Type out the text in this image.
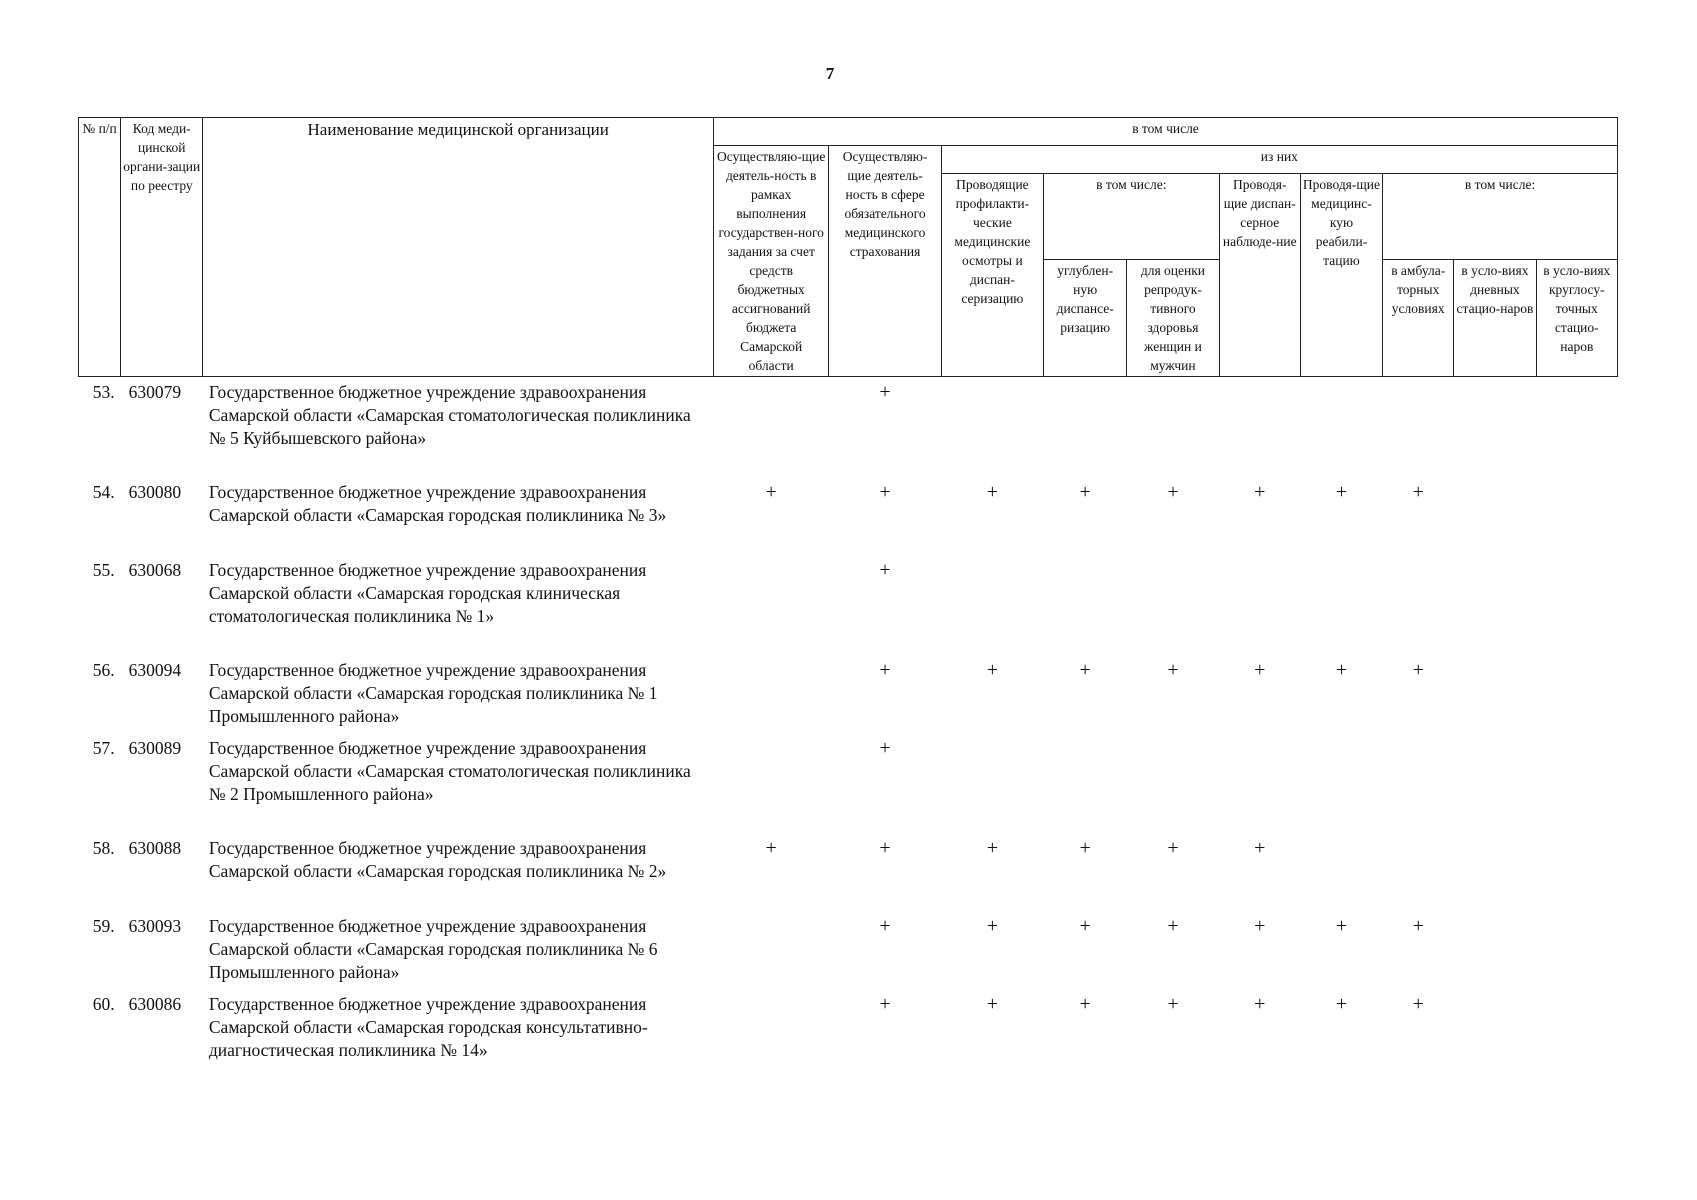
7
№ п/п	Код меди-цинской органи-зации по реестру	Наименование медицинской организации	в том числе									
			Осуществляю-щие деятель-ность в рамках выполнения государствен-ного задания за счет средств бюджетных ассигнований бюджета Самарской области	Осуществляю-щие деятель-ность в сфере обязательного медицинского страхования	из них							
					Проводящие профилакти-ческие медицинские осмотры и диспан-серизацию	в том числе:		Проводя-щие диспан-серное наблюде-ние	Проводя-щие медицинс-кую реабили-тацию	в том числе:		
						углублен-ную диспансе-ризацию	для оценки репродук-тивного здоровья женщин и мужчин			в амбула-торных условиях	в усло-виях дневных стацио-наров	в усло-виях круглосу-точных стацио-наров
53.	630079	Государственное бюджетное учреждение здравоохранения Самарской области «Самарская стоматологическая поликлиника № 5 Куйбышевского района»		+								
54.	630080	Государственное бюджетное учреждение здравоохранения Самарской области «Самарская городская поликлиника № 3»	+	+	+	+	+	+	+	+		
55.	630068	Государственное бюджетное учреждение здравоохранения Самарской области «Самарская городская клиническая стоматологическая поликлиника № 1»		+								
56.	630094	Государственное бюджетное учреждение здравоохранения Самарской области «Самарская городская поликлиника № 1 Промышленного района»		+	+	+	+	+	+	+		
57.	630089	Государственное бюджетное учреждение здравоохранения Самарской области «Самарская стоматологическая поликлиника № 2 Промышленного района»		+								
58.	630088	Государственное бюджетное учреждение здравоохранения Самарской области «Самарская городская поликлиника № 2»	+	+	+	+	+	+				
59.	630093	Государственное бюджетное учреждение здравоохранения Самарской области «Самарская городская поликлиника № 6 Промышленного района»		+	+	+	+	+	+	+		
60.	630086	Государственное бюджетное учреждение здравоохранения Самарской области «Самарская городская консультативно-диагностическая поликлиника № 14»		+	+	+	+	+	+	+		
